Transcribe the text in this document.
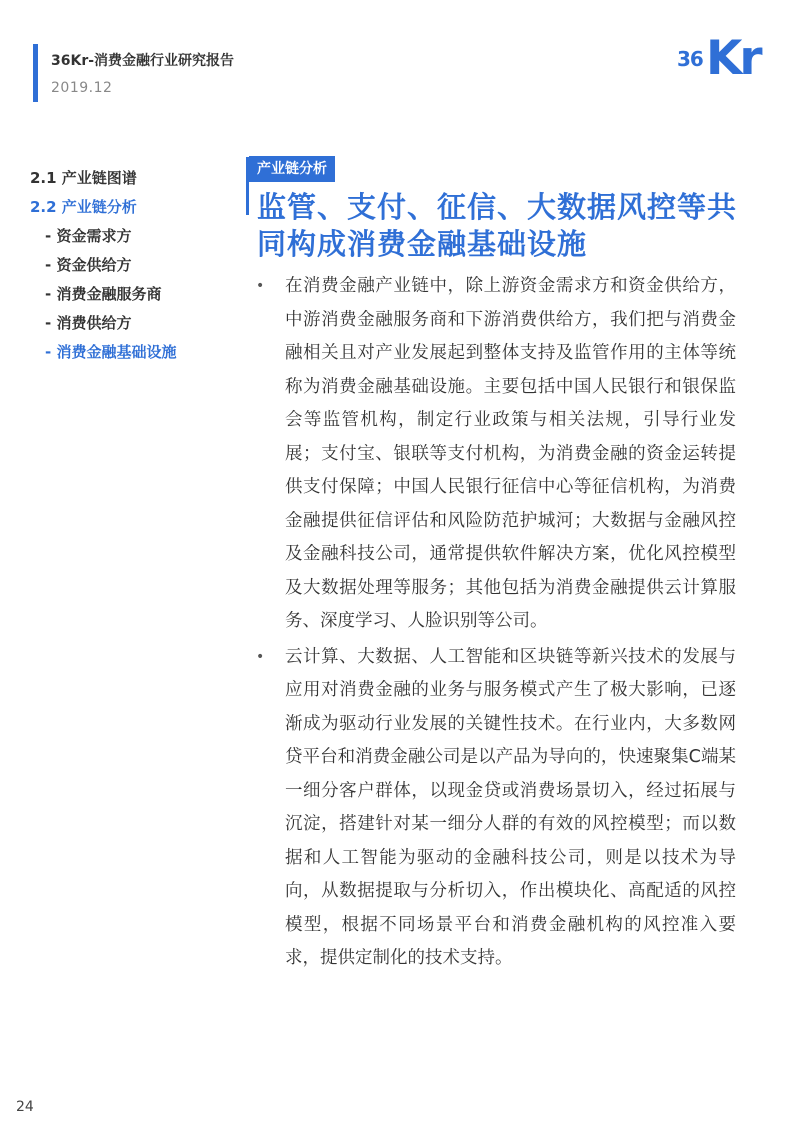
36Kr-消费金融行业研究报告
2019.12
36 Kr
2.1 产业链图谱
2.2 产业链分析
- 资金需求方
- 资金供给方
- 消费金融服务商
- 消费供给方
- 消费金融基础设施
产业链分析
监管、支付、征信、大数据风控等共同构成消费金融基础设施
• 在消费金融产业链中，除上游资金需求方和资金供给方，中游消费金融服务商和下游消费供给方，我们把与消费金融相关且对产业发展起到整体支持及监管作用的主体等统称为消费金融基础设施。主要包括中国人民银行和银保监会等监管机构，制定行业政策与相关法规，引导行业发展；支付宝、银联等支付机构，为消费金融的资金运转提供支付保障；中国人民银行征信中心等征信机构，为消费金融提供征信评估和风险防范护城河；大数据与金融风控及金融科技公司，通常提供软件解决方案，优化风控模型及大数据处理等服务；其他包括为消费金融提供云计算服务、深度学习、人脸识别等公司。
• 云计算、大数据、人工智能和区块链等新兴技术的发展与应用对消费金融的业务与服务模式产生了极大影响，已逐渐成为驱动行业发展的关键性技术。在行业内，大多数网贷平台和消费金融公司是以产品为导向的，快速聚集C端某一细分客户群体，以现金贷或消费场景切入，经过拓展与沉淀，搭建针对某一细分人群的有效的风控模型；而以数据和人工智能为驱动的金融科技公司，则是以技术为导向，从数据提取与分析切入，作出模块化、高配适的风控模型，根据不同场景平台和消费金融机构的风控准入要求，提供定制化的技术支持。
24
